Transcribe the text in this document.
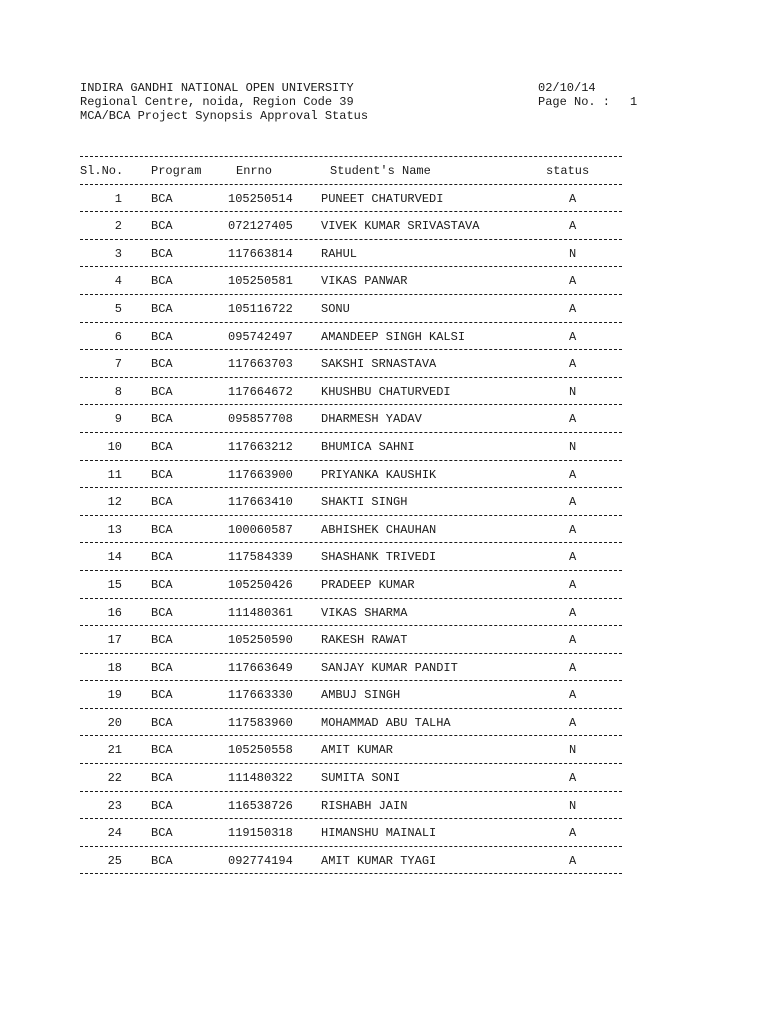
INDIRA GANDHI NATIONAL OPEN UNIVERSITY
Regional Centre, noida, Region Code 39
MCA/BCA Project Synopsis Approval Status
02/10/14
Page No. : 1
Sl.No.	Program	Enrno	Student's Name	status
1 BCA	105250514 PUNEET CHATURVEDI	A
2 BCA	072127405 VIVEK KUMAR SRIVASTAVA	A
3 BCA	117663814 RAHUL	N
4 BCA	105250581 VIKAS PANWAR	A
5 BCA	105116722 SONU	A
6 BCA	095742497 AMANDEEP SINGH KALSI	A
7 BCA	117663703 SAKSHI SRNASTAVA	A
8 BCA	117664672 KHUSHBU CHATURVEDI	N
9 BCA	095857708 DHARMESH YADAV	A
10 BCA	117663212 BHUMICA SAHNI	N
11 BCA	117663900 PRIYANKA KAUSHIK	A
12 BCA	117663410 SHAKTI SINGH	A
13 BCA	100060587 ABHISHEK CHAUHAN	A
14 BCA	117584339 SHASHANK TRIVEDI	A
15 BCA	105250426 PRADEEP KUMAR	A
16 BCA	111480361 VIKAS SHARMA	A
17 BCA	105250590 RAKESH RAWAT	A
18 BCA	117663649 SANJAY KUMAR PANDIT	A
19 BCA	117663330 AMBUJ SINGH	A
20 BCA	117583960 MOHAMMAD ABU TALHA	A
21 BCA	105250558 AMIT KUMAR	N
22 BCA	111480322 SUMITA SONI	A
23 BCA	116538726 RISHABH JAIN	N
24 BCA	119150318 HIMANSHU MAINALI	A
25 BCA	092774194 AMIT KUMAR TYAGI	A
